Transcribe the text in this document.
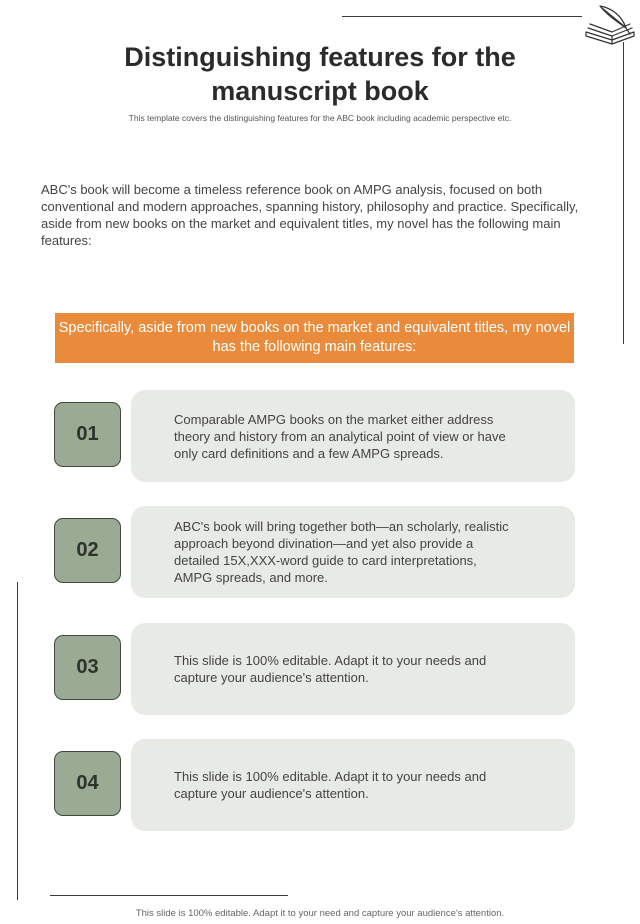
Distinguishing features for the manuscript book

This template covers the distinguishing features for the ABC book including academic perspective etc.

ABC's book will become a timeless reference book on AMPG analysis, focused on both conventional and modern approaches, spanning history, philosophy and practice. Specifically, aside from new books on the market and equivalent titles, my novel has the following main features:

Specifically, aside from new books on the market and equivalent titles, my novel has the following main features:
01
Comparable AMPG books on the market either address theory and history from an analytical point of view or have only card definitions and a few AMPG spreads.
02
ABC's book will bring together both—an scholarly, realistic approach beyond divination—and yet also provide a detailed 15X,XXX-word guide to card interpretations, AMPG spreads, and more.
03	This slide is 100% editable. Adapt it to your needs and capture your audience's attention.
04	This slide is 100% editable. Adapt it to your needs and capture your audience's attention.

This slide is 100% editable. Adapt it to your need and capture your audience's attention.
